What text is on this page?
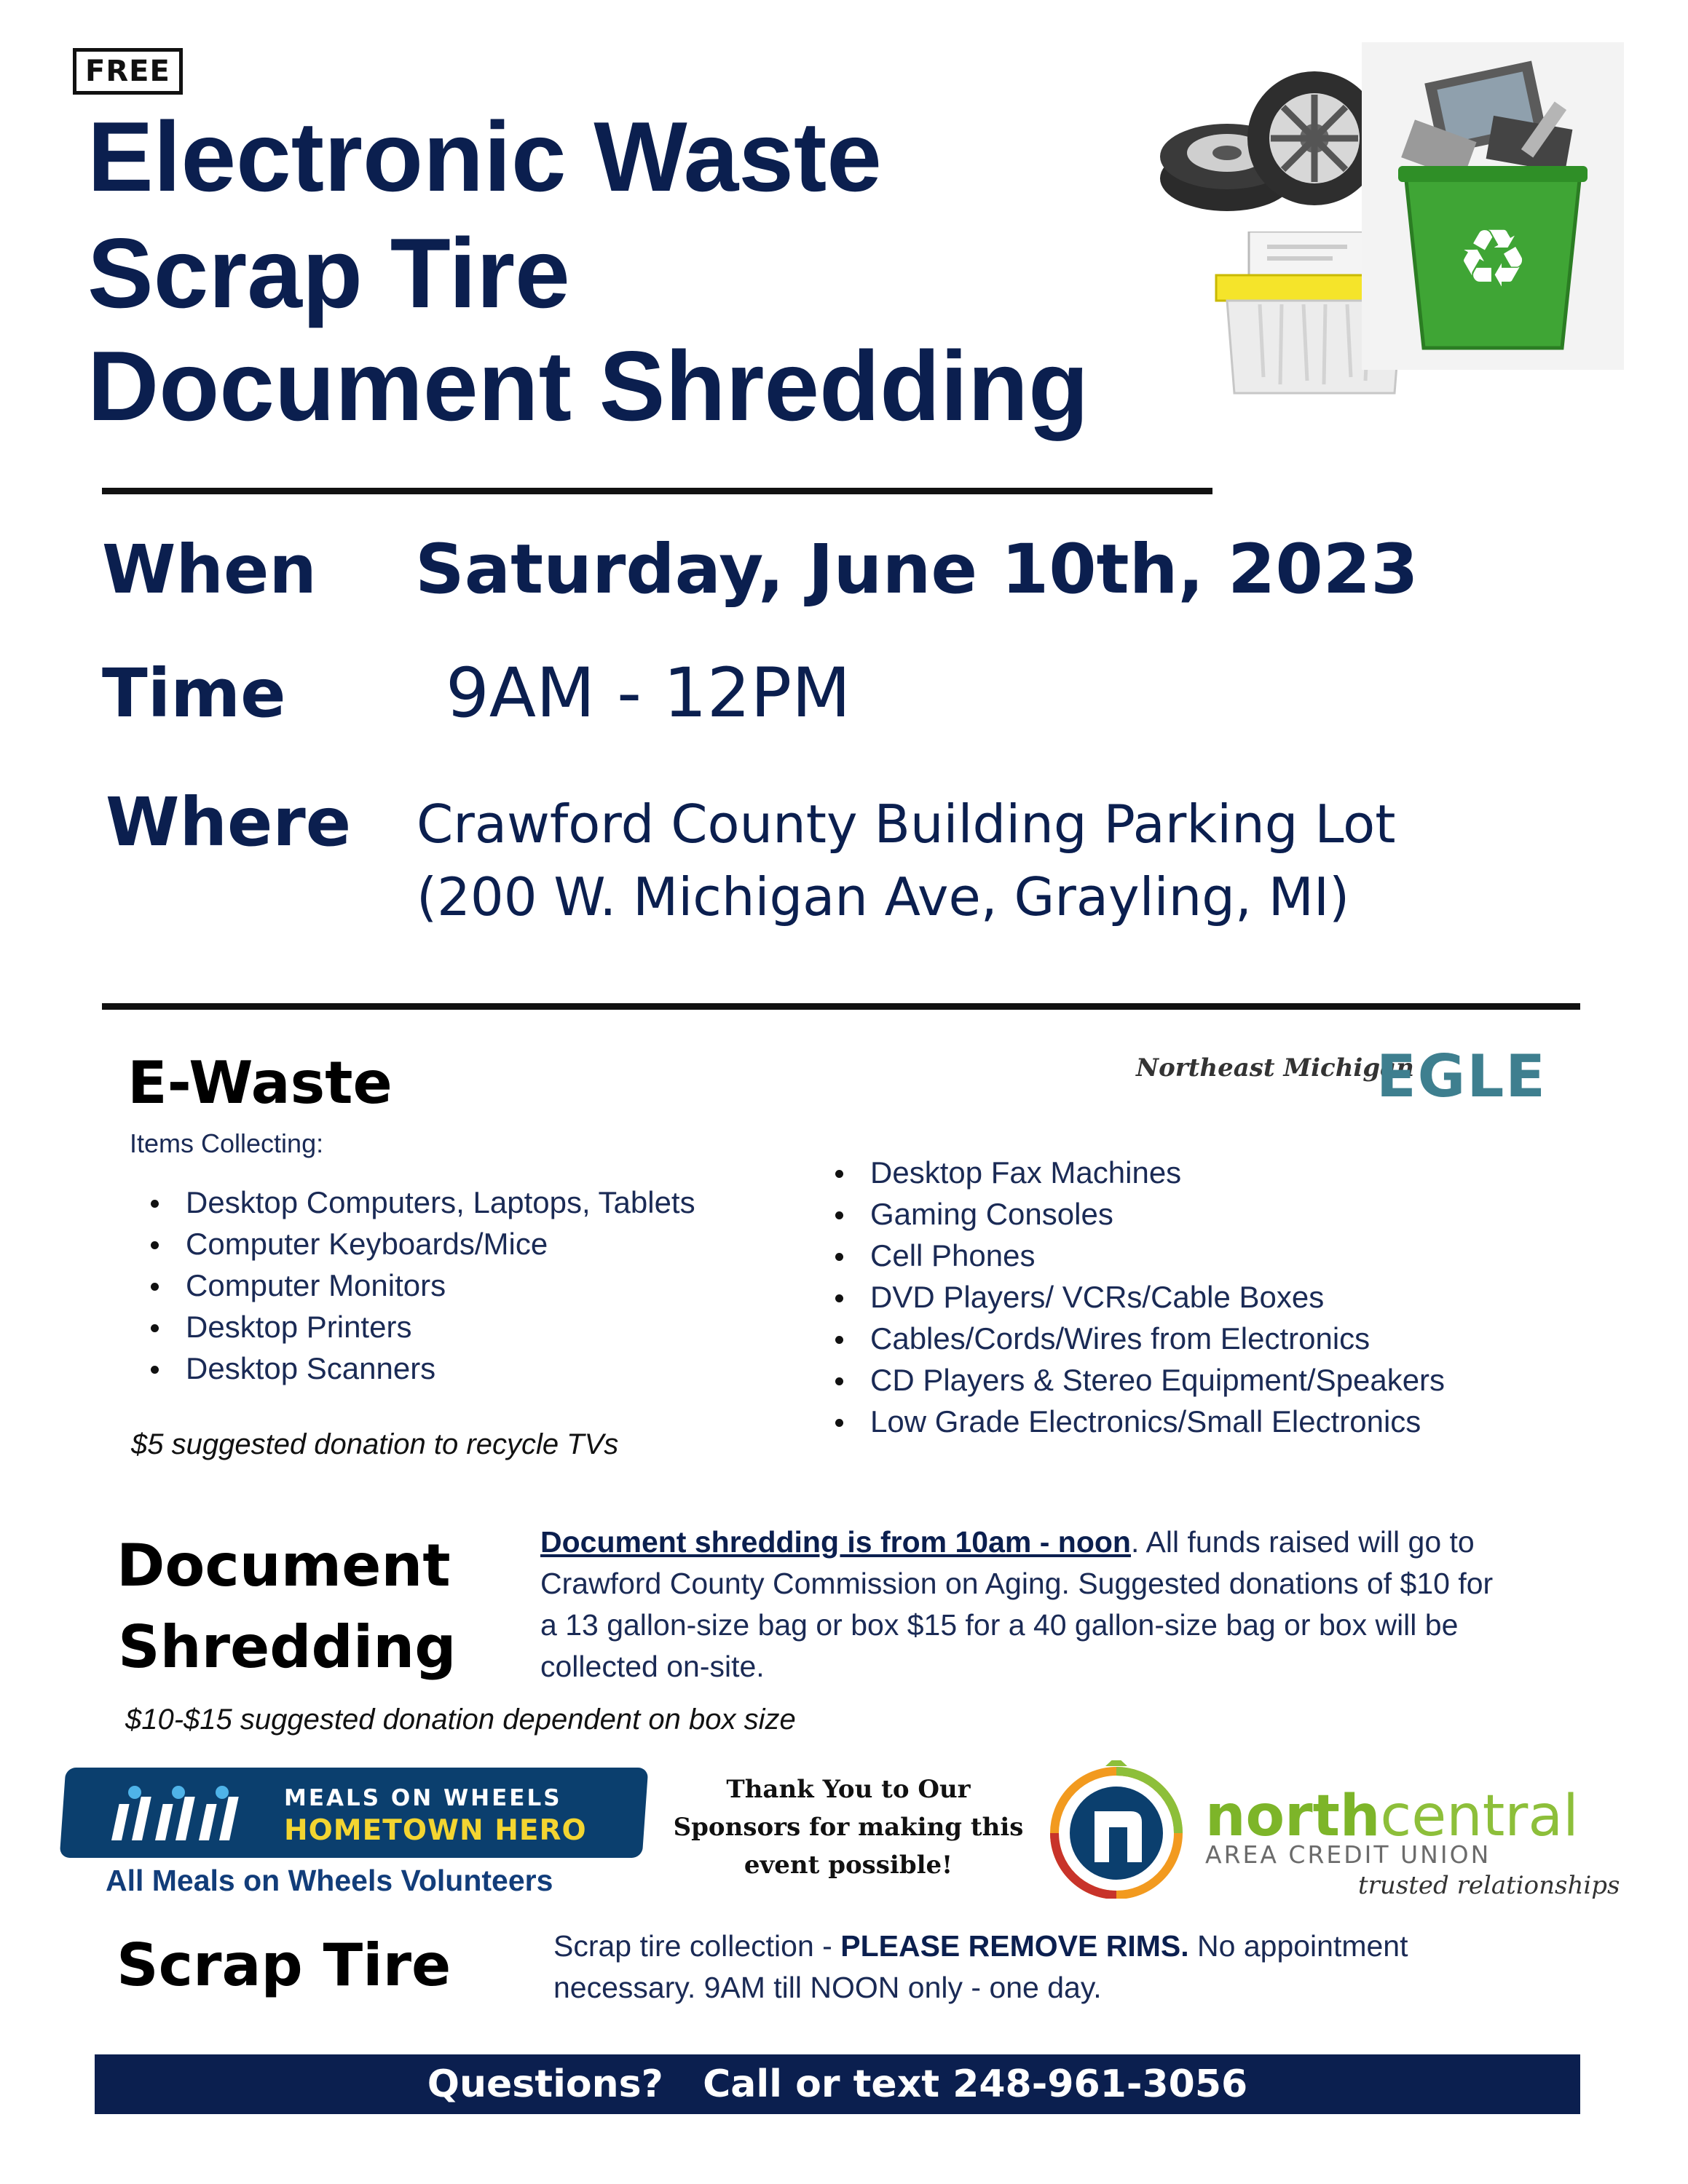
FREE
Electronic Waste
Scrap Tire
Document Shredding
♻
When Saturday, June 10th, 2023
Time 9AM - 12PM
Where Crawford County Building Parking Lot
(200 W. Michigan Ave, Grayling, MI)
Northeast Michigan
EGLE
E-Waste
Items Collecting:
Desktop Computers, Laptops, Tablets
Computer Keyboards/Mice
Computer Monitors
Desktop Printers
Desktop Scanners
Desktop Fax Machines
Gaming Consoles
Cell Phones
DVD Players/ VCRs/Cable Boxes
Cables/Cords/Wires from Electronics
CD Players & Stereo Equipment/Speakers
Low Grade Electronics/Small Electronics
$5 suggested donation to recycle TVs
Document
Shredding
Document shredding is from 10am - noon. All funds raised will go to Crawford County Commission on Aging. Suggested donations of $10 for a 13 gallon-size bag or box $15 for a 40 gallon-size bag or box will be collected on-site.
$10-$15 suggested donation dependent on box size
MEALS ON WHEELS
HOMETOWN HERO
All Meals on Wheels Volunteers
Thank You to Our Sponsors for making this event possible!
northcentral
AREA CREDIT UNION
trusted relationships
Scrap Tire	Scrap tire collection - PLEASE REMOVE RIMS. No appointment necessary. 9AM till NOON only - one day.
Questions?   Call or text 248-961-3056
